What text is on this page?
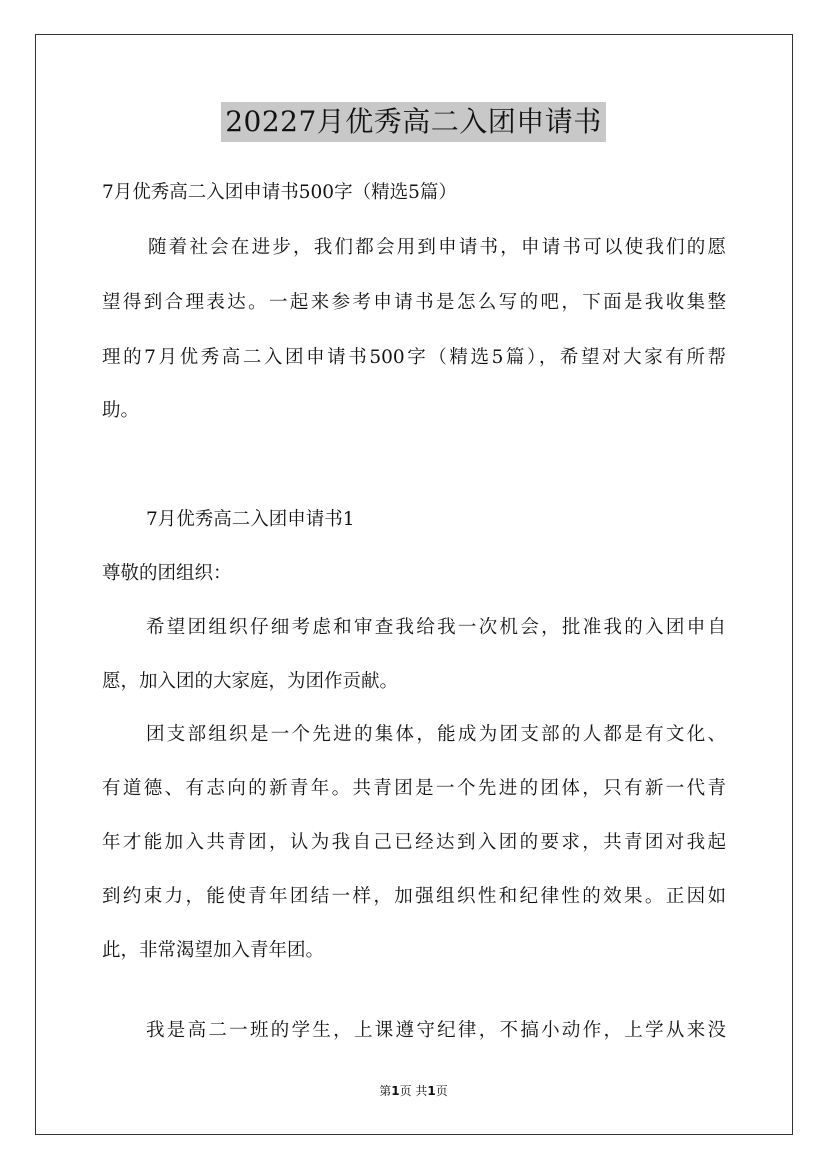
20227月优秀高二入团申请书
7月优秀高二入团申请书500字（精选5篇）
随着社会在进步，我们都会用到申请书，申请书可以使我们的愿
望得到合理表达。一起来参考申请书是怎么写的吧，下面是我收集整
理的7月优秀高二入团申请书500字（精选5篇），希望对大家有所帮
助。
7月优秀高二入团申请书1
尊敬的团组织：
希望团组织仔细考虑和审查我给我一次机会，批准我的入团申自
愿，加入团的大家庭，为团作贡献。
团支部组织是一个先进的集体，能成为团支部的人都是有文化、
有道德、有志向的新青年。共青团是一个先进的团体，只有新一代青
年才能加入共青团，认为我自己已经达到入团的要求，共青团对我起
到约束力，能使青年团结一样，加强组织性和纪律性的效果。正因如
此，非常渴望加入青年团。
我是高二一班的学生，上课遵守纪律，不搞小动作，上学从来没
第1页 共1页
